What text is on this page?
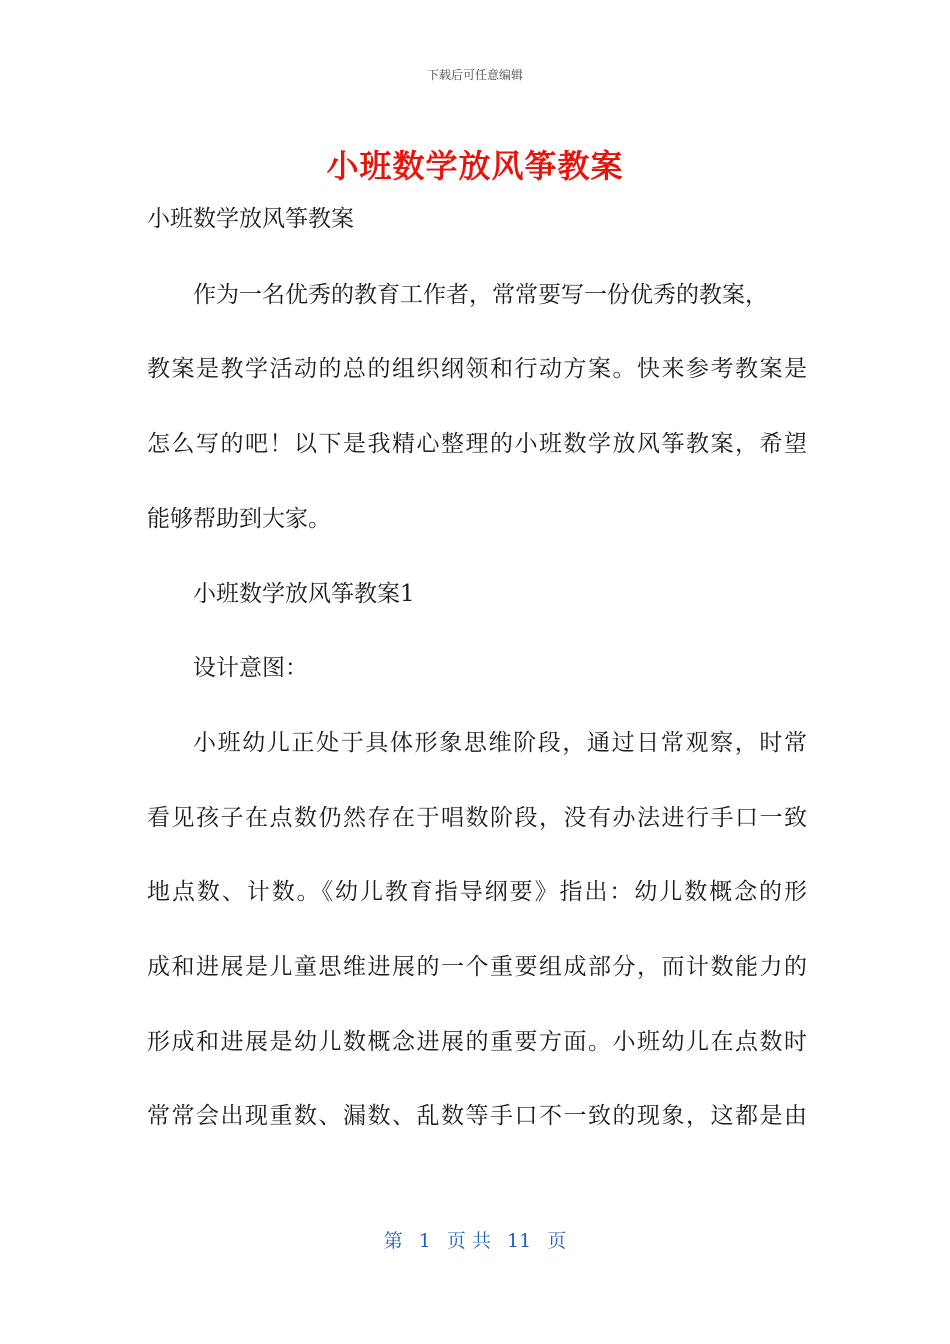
下载后可任意编辑
小班数学放风筝教案
小班数学放风筝教案
作为一名优秀的教育工作者，常常要写一份优秀的教案，
教案是教学活动的总的组织纲领和行动方案。快来参考教案是
怎么写的吧！以下是我精心整理的小班数学放风筝教案，希望
能够帮助到大家。
小班数学放风筝教案1
设计意图：
小班幼儿正处于具体形象思维阶段，通过日常观察，时常
看见孩子在点数仍然存在于唱数阶段，没有办法进行手口一致
地点数、计数。《幼儿教育指导纲要》指出：幼儿数概念的形
成和进展是儿童思维进展的一个重要组成部分，而计数能力的
形成和进展是幼儿数概念进展的重要方面。小班幼儿在点数时
常常会出现重数、漏数、乱数等手口不一致的现象，这都是由
第 1 页 共 11 页
